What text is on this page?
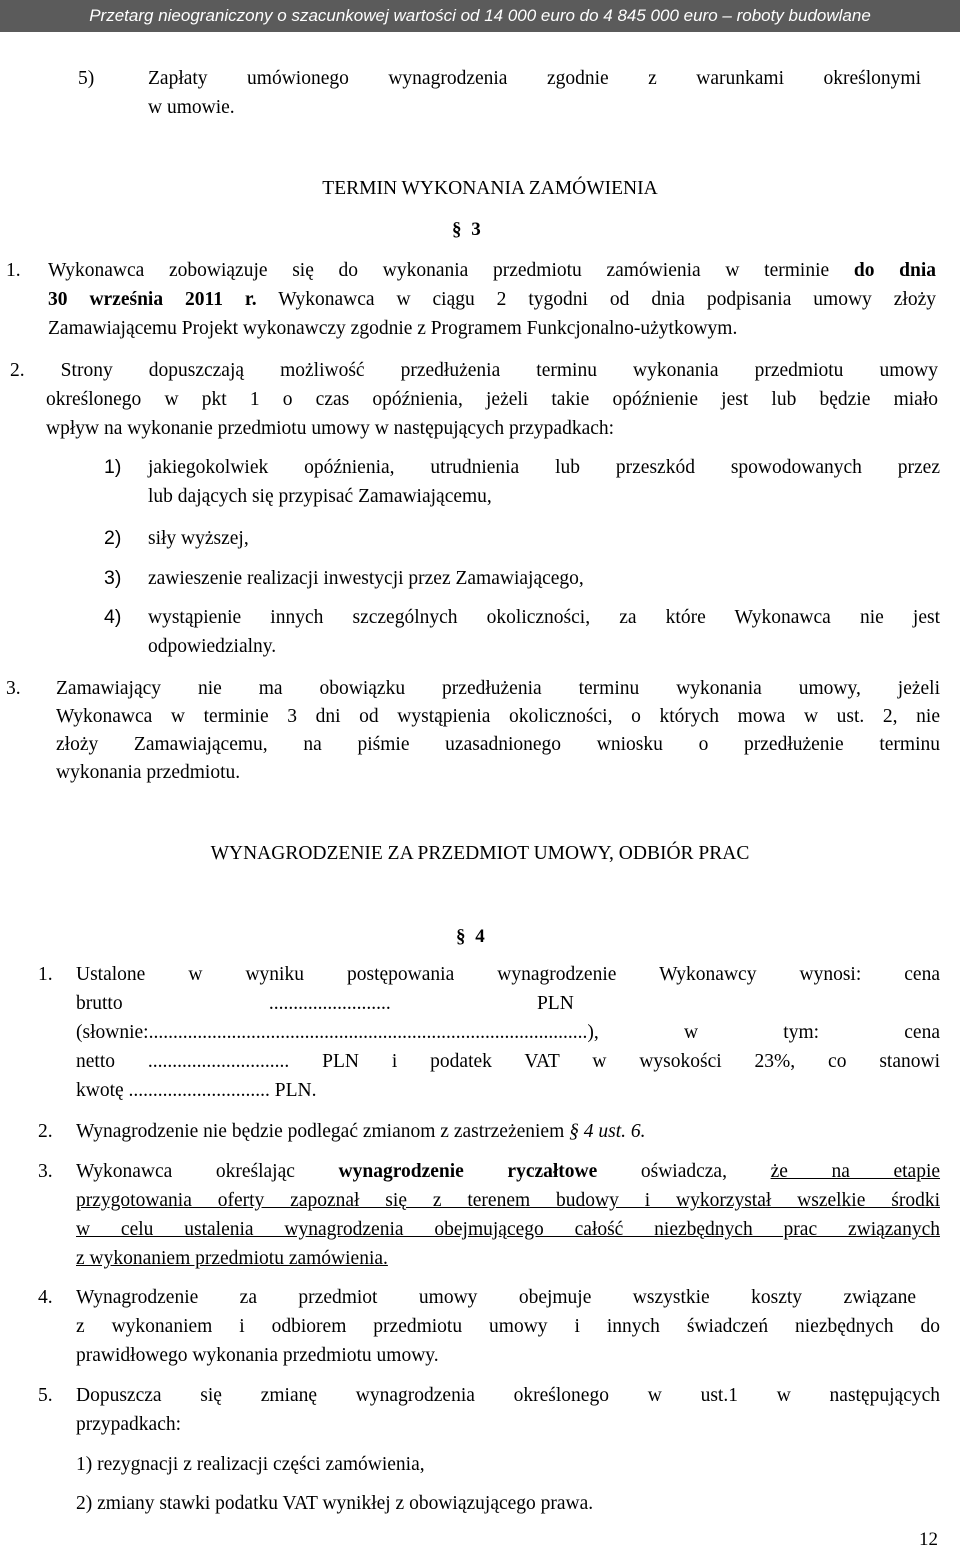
Przetarg nieograniczony o szacunkowej wartości od 14 000 euro do 4 845 000 euro – roboty budowlane
5)	Zapłaty umówionego wynagrodzenia zgodnie z warunkami określonymi
w umowie.
TERMIN WYKONANIA ZAMÓWIENIA
§ 3
1. Wykonawca zobowiązuje się do wykonania przedmiotu zamówienia w terminie do dnia
30 września 2011 r. Wykonawca w ciągu 2 tygodni od dnia podpisania umowy złoży
Zamawiającemu Projekt wykonawczy zgodnie z Programem Funkcjonalno-użytkowym.
2. Strony dopuszczają możliwość przedłużenia terminu wykonania przedmiotu umowy
określonego w pkt 1 o czas opóźnienia, jeżeli takie opóźnienie jest lub będzie miało
wpływ na wykonanie przedmiotu umowy w następujących przypadkach:
1) jakiegokolwiek opóźnienia, utrudnienia lub przeszkód spowodowanych przez
lub dających się przypisać Zamawiającemu,
2) siły wyższej,
3) zawieszenie realizacji inwestycji przez Zamawiającego,
4) wystąpienie innych szczególnych okoliczności, za które Wykonawca nie jest
odpowiedzialny.
3. Zamawiający nie ma obowiązku przedłużenia terminu wykonania umowy, jeżeli
Wykonawca w terminie 3 dni od wystąpienia okoliczności, o których mowa w ust. 2, nie
złoży Zamawiającemu, na piśmie uzasadnionego wniosku o przedłużenie terminu
wykonania przedmiotu.
WYNAGRODZENIE ZA PRZEDMIOT UMOWY, ODBIÓR PRAC
§ 4
1. Ustalone w wyniku postępowania wynagrodzenie Wykonawcy wynosi: cena
brutto                              .........................                              PLN
(słownie:..........................................................................................), w tym: cena
netto ............................. PLN i podatek VAT w wysokości 23%, co stanowi
kwotę ............................. PLN.
2. Wynagrodzenie nie będzie podlegać zmianom z zastrzeżeniem § 4 ust. 6.
3. Wykonawca określając wynagrodzenie ryczałtowe oświadcza, że na etapie
przygotowania oferty zapoznał się z terenem budowy i wykorzystał wszelkie środki
w celu ustalenia wynagrodzenia obejmującego całość niezbędnych prac związanych
z wykonaniem przedmiotu zamówienia.
4. Wynagrodzenie za przedmiot umowy obejmuje wszystkie koszty związane
z wykonaniem i odbiorem przedmiotu umowy i innych świadczeń niezbędnych do
prawidłowego wykonania przedmiotu umowy.
5. Dopuszcza się zmianę wynagrodzenia określonego w ust.1 w następujących
przypadkach:
1) rezygnacji z realizacji części zamówienia,
2) zmiany stawki podatku VAT wynikłej z obowiązującego prawa.
12
